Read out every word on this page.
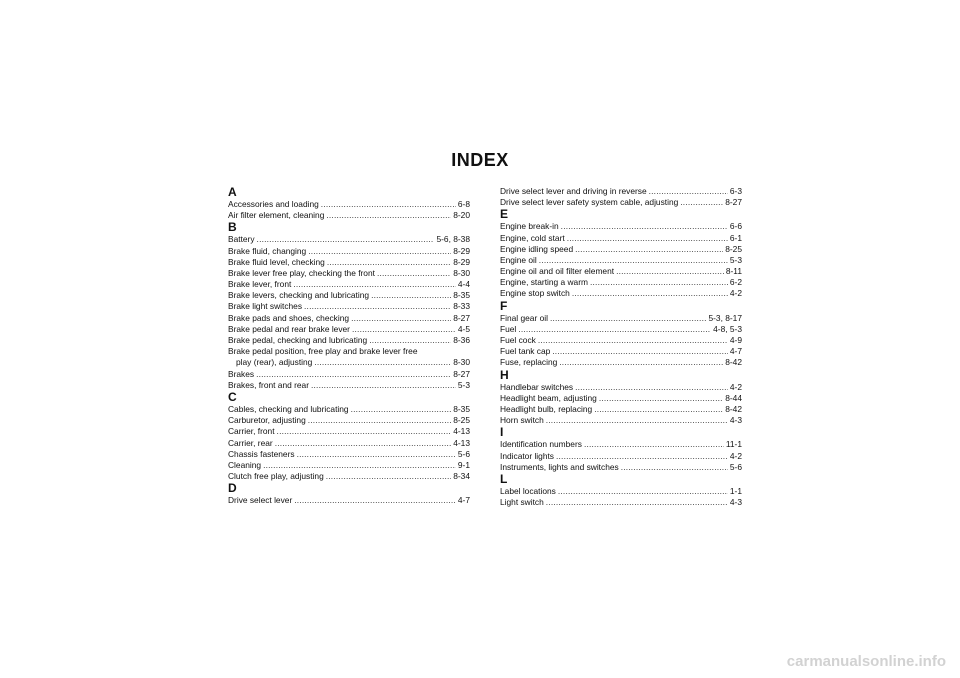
INDEX
A
Accessories and loading .....	6-8
Air filter element, cleaning .....	8-20
B
Battery .....	5-6, 8-38
Brake fluid, changing .....	8-29
Brake fluid level, checking .....	8-29
Brake lever free play, checking the front .....	8-30
Brake lever, front .....	4-4
Brake levers, checking and lubricating .....	8-35
Brake light switches .....	8-33
Brake pads and shoes, checking .....	8-27
Brake pedal and rear brake lever .....	4-5
Brake pedal, checking and lubricating .....	8-36
Brake pedal position, free play and brake lever free
play (rear), adjusting .....	8-30
Brakes .....	8-27
Brakes, front and rear .....	5-3
C
Cables, checking and lubricating .....	8-35
Carburetor, adjusting .....	8-25
Carrier, front .....	4-13
Carrier, rear .....	4-13
Chassis fasteners .....	5-6
Cleaning .....	9-1
Clutch free play, adjusting .....	8-34
D
Drive select lever .....	4-7
Drive select lever and driving in reverse .....	6-3
Drive select lever safety system cable, adjusting .....	8-27
E
Engine break-in .....	6-6
Engine, cold start .....	6-1
Engine idling speed .....	8-25
Engine oil .....	5-3
Engine oil and oil filter element .....	8-11
Engine, starting a warm .....	6-2
Engine stop switch .....	4-2
F
Final gear oil .....	5-3, 8-17
Fuel .....	4-8, 5-3
Fuel cock .....	4-9
Fuel tank cap .....	4-7
Fuse, replacing .....	8-42
H
Handlebar switches .....	4-2
Headlight beam, adjusting .....	8-44
Headlight bulb, replacing .....	8-42
Horn switch .....	4-3
I
Identification numbers .....	11-1
Indicator lights .....	4-2
Instruments, lights and switches .....	5-6
L
Label locations .....	1-1
Light switch .....	4-3
carmanualsonline.info
